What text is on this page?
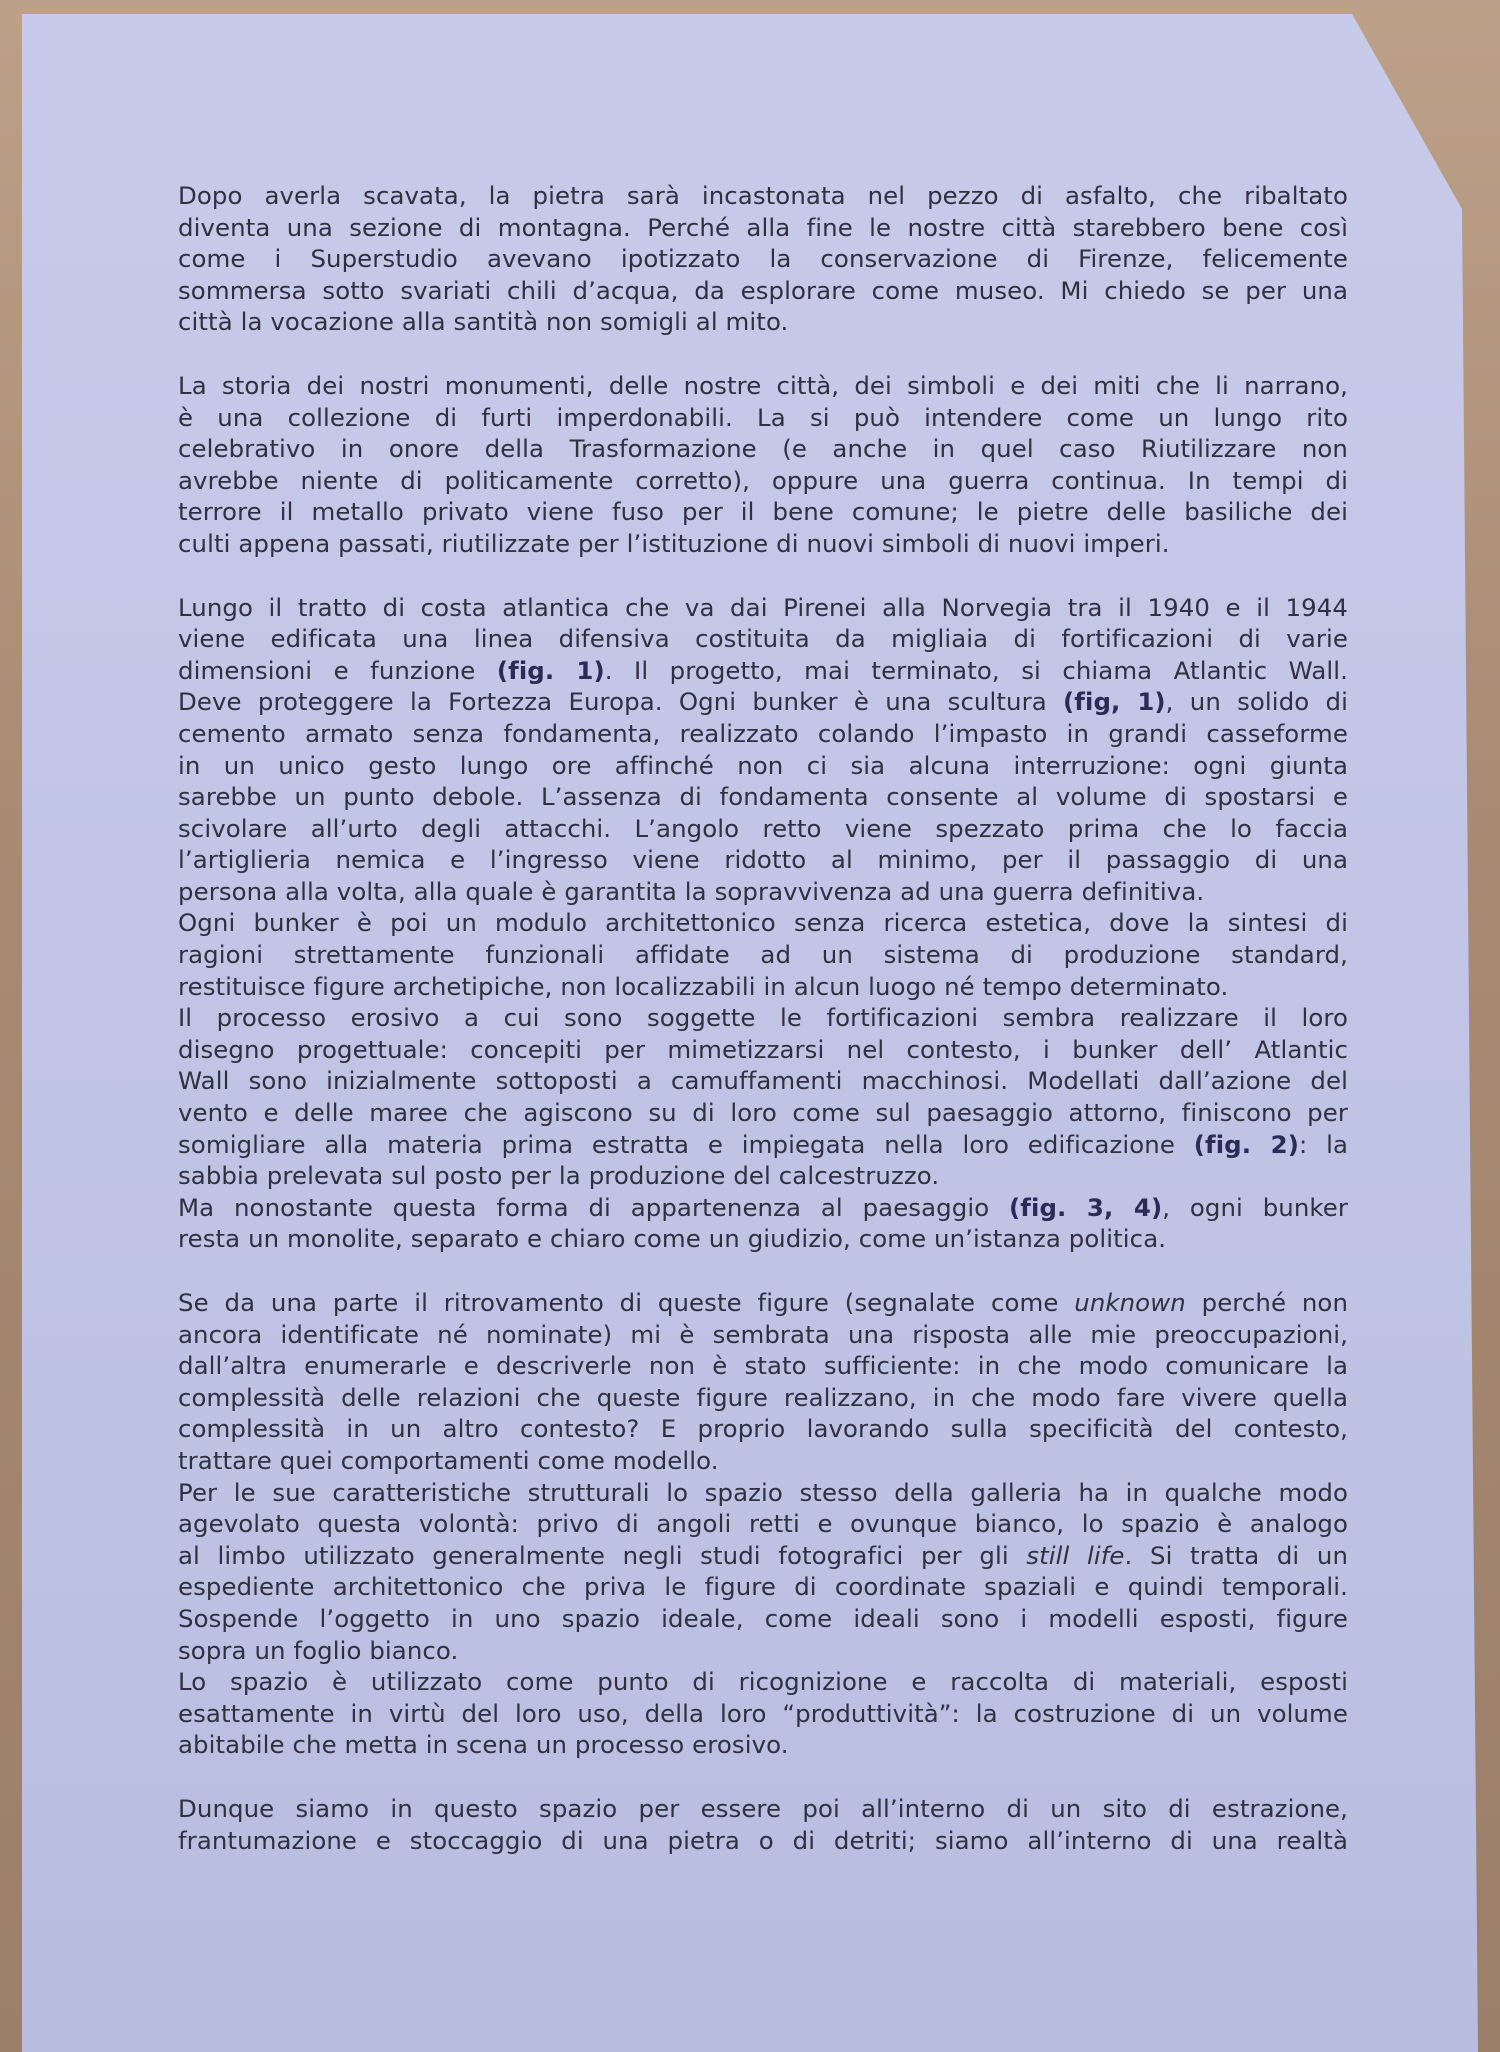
Dopo averla scavata, la pietra sarà incastonata nel pezzo di asfalto, che ribaltato
diventa una sezione di montagna. Perché alla fine le nostre città starebbero bene così
come i Superstudio avevano ipotizzato la conservazione di Firenze, felicemente
sommersa sotto svariati chili d’acqua, da esplorare come museo. Mi chiedo se per una
città la vocazione alla santità non somigli al mito.
La storia dei nostri monumenti, delle nostre città, dei simboli e dei miti che li narrano,
è una collezione di furti imperdonabili. La si può intendere come un lungo rito
celebrativo in onore della Trasformazione (e anche in quel caso Riutilizzare non
avrebbe niente di politicamente corretto), oppure una guerra continua. In tempi di
terrore il metallo privato viene fuso per il bene comune; le pietre delle basiliche dei
culti appena passati, riutilizzate per l’istituzione di nuovi simboli di nuovi imperi.
Lungo il tratto di costa atlantica che va dai Pirenei alla Norvegia tra il 1940 e il 1944
viene edificata una linea difensiva costituita da migliaia di fortificazioni di varie
dimensioni e funzione (fig. 1). Il progetto, mai terminato, si chiama Atlantic Wall.
Deve proteggere la Fortezza Europa. Ogni bunker è una scultura (fig, 1), un solido di
cemento armato senza fondamenta, realizzato colando l’impasto in grandi casseforme
in un unico gesto lungo ore affinché non ci sia alcuna interruzione: ogni giunta
sarebbe un punto debole. L’assenza di fondamenta consente al volume di spostarsi e
scivolare all’urto degli attacchi. L’angolo retto viene spezzato prima che lo faccia
l’artiglieria nemica e l’ingresso viene ridotto al minimo, per il passaggio di una
persona alla volta, alla quale è garantita la sopravvivenza ad una guerra definitiva.
Ogni bunker è poi un modulo architettonico senza ricerca estetica, dove la sintesi di
ragioni strettamente funzionali affidate ad un sistema di produzione standard,
restituisce figure archetipiche, non localizzabili in alcun luogo né tempo determinato.
Il processo erosivo a cui sono soggette le fortificazioni sembra realizzare il loro
disegno progettuale: concepiti per mimetizzarsi nel contesto, i bunker dell’ Atlantic
Wall sono inizialmente sottoposti a camuffamenti macchinosi. Modellati dall’azione del
vento e delle maree che agiscono su di loro come sul paesaggio attorno, finiscono per
somigliare alla materia prima estratta e impiegata nella loro edificazione (fig. 2): la
sabbia prelevata sul posto per la produzione del calcestruzzo.
Ma nonostante questa forma di appartenenza al paesaggio (fig. 3, 4), ogni bunker
resta un monolite, separato e chiaro come un giudizio, come un’istanza politica.
Se da una parte il ritrovamento di queste figure (segnalate come unknown perché non
ancora identificate né nominate) mi è sembrata una risposta alle mie preoccupazioni,
dall’altra enumerarle e descriverle non è stato sufficiente: in che modo comunicare la
complessità delle relazioni che queste figure realizzano, in che modo fare vivere quella
complessità in un altro contesto? E proprio lavorando sulla specificità del contesto,
trattare quei comportamenti come modello.
Per le sue caratteristiche strutturali lo spazio stesso della galleria ha in qualche modo
agevolato questa volontà: privo di angoli retti e ovunque bianco, lo spazio è analogo
al limbo utilizzato generalmente negli studi fotografici per gli still life. Si tratta di un
espediente architettonico che priva le figure di coordinate spaziali e quindi temporali.
Sospende l’oggetto in uno spazio ideale, come ideali sono i modelli esposti, figure
sopra un foglio bianco.
Lo spazio è utilizzato come punto di ricognizione e raccolta di materiali, esposti
esattamente in virtù del loro uso, della loro “produttività”: la costruzione di un volume
abitabile che metta in scena un processo erosivo.
Dunque siamo in questo spazio per essere poi all’interno di un sito di estrazione,
frantumazione e stoccaggio di una pietra o di detriti; siamo all’interno di una realtà
